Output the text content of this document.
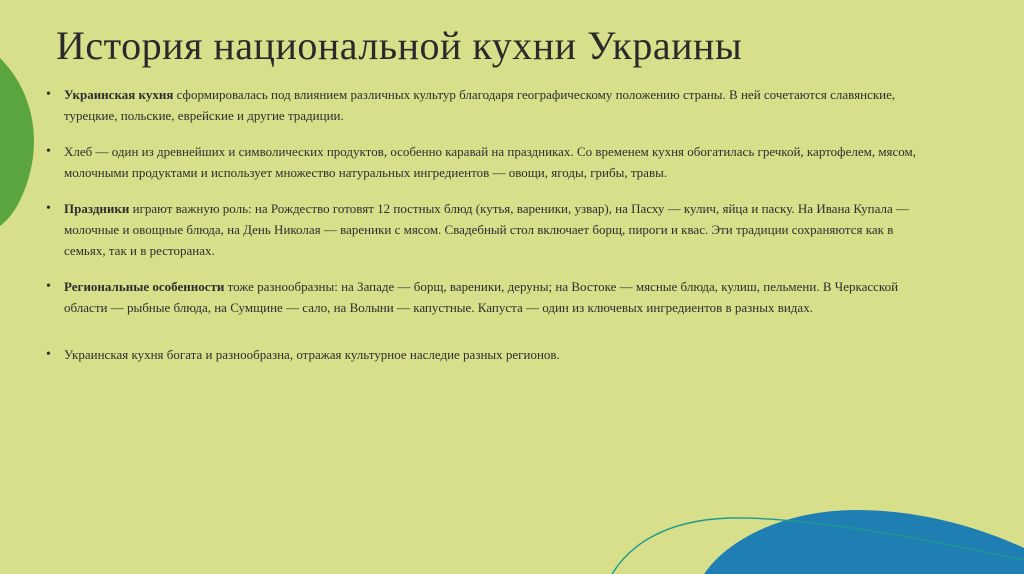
История национальной кухни Украины
• Украинская кухня сформировалась под влиянием различных культур благодаря географическому положению страны. В ней сочетаются славянские, турецкие, польские, еврейские и другие традиции.
• Хлеб — один из древнейших и символических продуктов, особенно каравай на праздниках. Со временем кухня обогатилась гречкой, картофелем, мясом, молочными продуктами и использует множество натуральных ингредиентов — овощи, ягоды, грибы, травы.
• Праздники играют важную роль: на Рождество готовят 12 постных блюд (кутья, вареники, узвар), на Пасху — кулич, яйца и паску. На Ивана Купала — молочные и овощные блюда, на День Николая — вареники с мясом. Свадебный стол включает борщ, пироги и квас. Эти традиции сохраняются как в семьях, так и в ресторанах.
• Региональные особенности тоже разнообразны: на Западе — борщ, вареники, деруны; на Востоке — мясные блюда, кулиш, пельмени. В Черкасской области — рыбные блюда, на Сумщине — сало, на Волыни — капустные. Капуста — один из ключевых ингредиентов в разных видах.
• Украинская кухня богата и разнообразна, отражая культурное наследие разных регионов.
